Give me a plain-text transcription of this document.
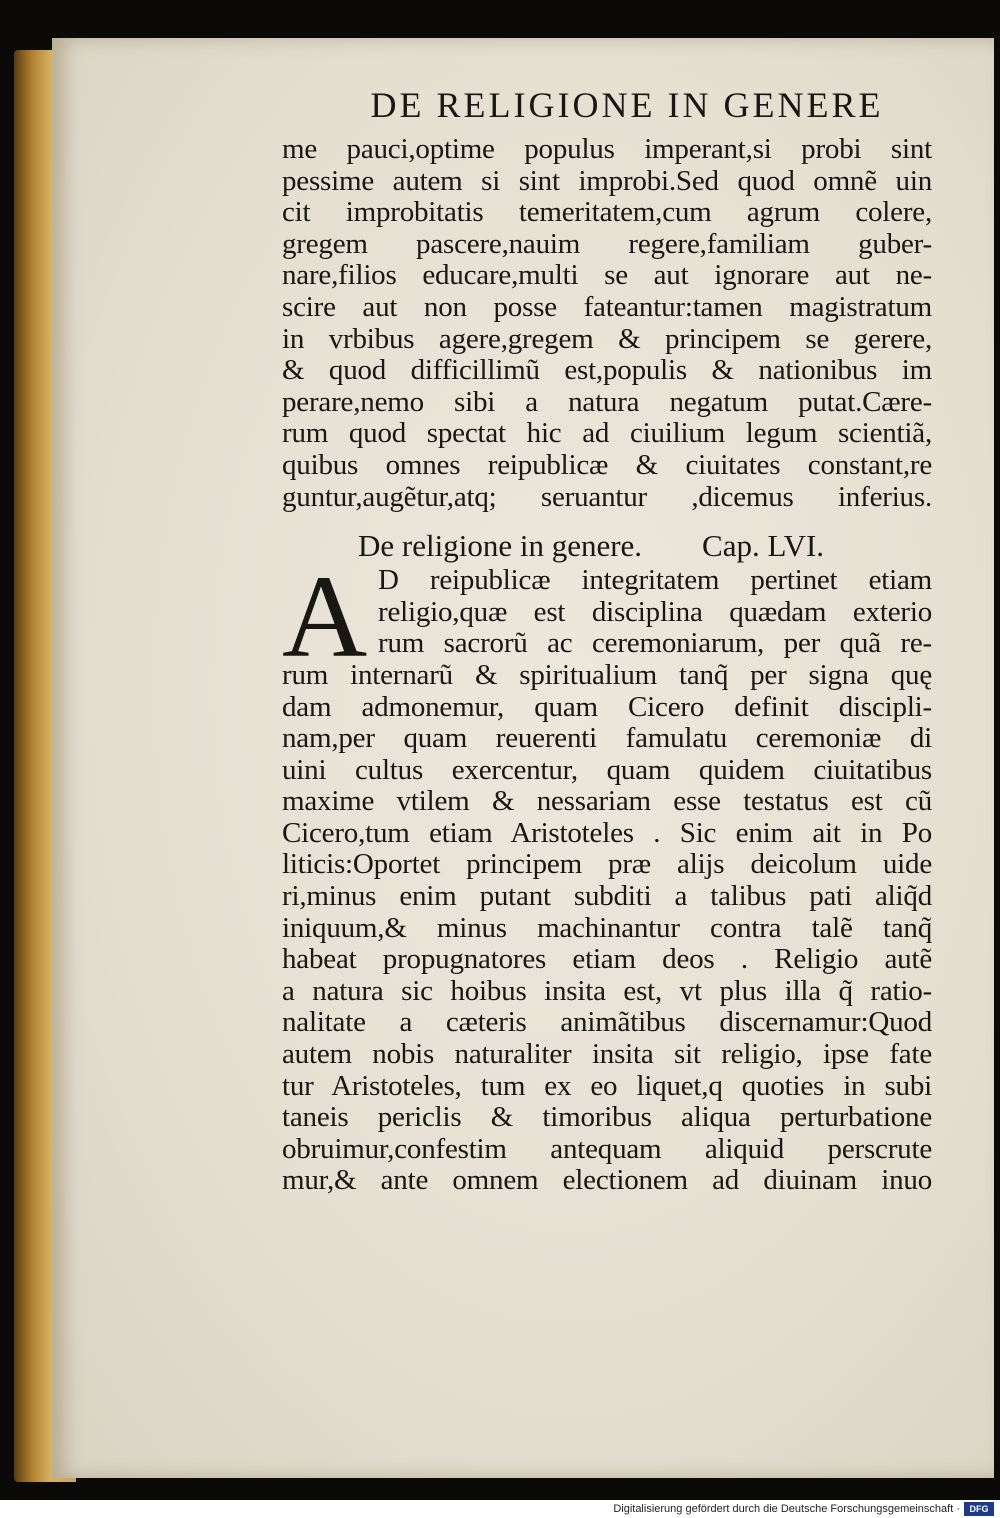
DE RELIGIONE IN GENERE
me pauci,optime populus imperant,si probi sint
pessime autem si sint improbi.Sed quod omnẽ uin
cit improbitatis temeritatem,cum agrum colere,
gregem pascere,nauim regere,familiam guber-
nare,filios educare,multi se aut ignorare aut ne-
scire aut non posse fateantur:tamen magistratum
in vrbibus agere,gregem & principem se gerere,
& quod difficillimũ est,populis & nationibus im
perare,nemo sibi a natura negatum putat.Cære-
rum quod spectat hic ad ciuilium legum scientiã,
quibus omnes reipublicæ & ciuitates constant,re
guntur,augẽtur,atq; seruantur ,dicemus inferius.
De religione in genere. Cap. LVI.
A D reipublicæ integritatem pertinet etiam
religio,quæ est disciplina quædam exterio
rum sacrorũ ac ceremoniarum, per quã re-
rum internarũ & spiritualium tanq̃ per signa quę
dam admonemur, quam Cicero definit discipli-
nam,per quam reuerenti famulatu ceremoniæ di
uini cultus exercentur, quam quidem ciuitatibus
maxime vtilem & nessariam esse testatus est cũ
Cicero,tum etiam Aristoteles . Sic enim ait in Po
liticis:Oportet principem præ alijs deicolum uide
ri,minus enim putant subditi a talibus pati aliq̃d
iniquum,& minus machinantur contra talẽ tanq̃
habeat propugnatores etiam deos . Religio autẽ
a natura sic hoibus insita est, vt plus illa q̃ ratio-
nalitate a cæteris animãtibus discernamur:Quod
autem nobis naturaliter insita sit religio, ipse fate
tur Aristoteles, tum ex eo liquet,q quoties in subi
taneis periclis & timoribus aliqua perturbatione
obruimur,confestim antequam aliquid perscrute
mur,& ante omnem electionem ad diuinam inuo
Digitalisierung gefördert durch die Deutsche Forschungsgemeinschaft ·	DFG
